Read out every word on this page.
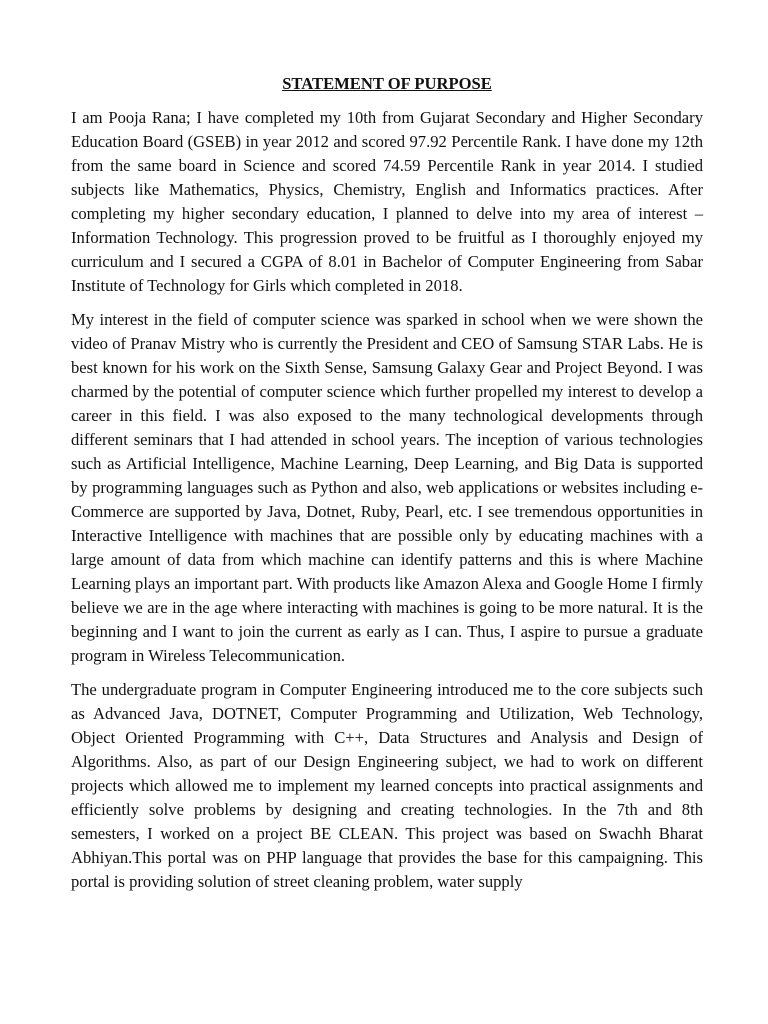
STATEMENT OF PURPOSE

I am Pooja Rana; I have completed my 10th from Gujarat Secondary and Higher Secondary Education Board (GSEB) in year 2012 and scored 97.92 Percentile Rank. I have done my 12th from the same board in Science and scored 74.59 Percentile Rank in year 2014. I studied subjects like Mathematics, Physics, Chemistry, English and Informatics practices. After completing my higher secondary education, I planned to delve into my area of interest – Information Technology. This progression proved to be fruitful as I thoroughly enjoyed my curriculum and I secured a CGPA of 8.01 in Bachelor of Computer Engineering from Sabar Institute of Technology for Girls which completed in 2018.

My interest in the field of computer science was sparked in school when we were shown the video of Pranav Mistry who is currently the President and CEO of Samsung STAR Labs. He is best known for his work on the Sixth Sense, Samsung Galaxy Gear and Project Beyond. I was charmed by the potential of computer science which further propelled my interest to develop a career in this field. I was also exposed to the many technological developments through different seminars that I had attended in school years. The inception of various technologies such as Artificial Intelligence, Machine Learning, Deep Learning, and Big Data is supported by programming languages such as Python and also, web applications or websites including e-Commerce are supported by Java, Dotnet, Ruby, Pearl, etc. I see tremendous opportunities in Interactive Intelligence with machines that are possible only by educating machines with a large amount of data from which machine can identify patterns and this is where Machine Learning plays an important part. With products like Amazon Alexa and Google Home I firmly believe we are in the age where interacting with machines is going to be more natural. It is the beginning and I want to join the current as early as I can. Thus, I aspire to pursue a graduate program in Wireless Telecommunication.

The undergraduate program in Computer Engineering introduced me to the core subjects such as Advanced Java, DOTNET, Computer Programming and Utilization, Web Technology, Object Oriented Programming with C++, Data Structures and Analysis and Design of Algorithms. Also, as part of our Design Engineering subject, we had to work on different projects which allowed me to implement my learned concepts into practical assignments and efficiently solve problems by designing and creating technologies. In the 7th and 8th semesters, I worked on a project BE CLEAN. This project was based on Swachh Bharat Abhiyan.This portal was on PHP language that provides the base for this campaigning. This portal is providing solution of street cleaning problem, water supply
